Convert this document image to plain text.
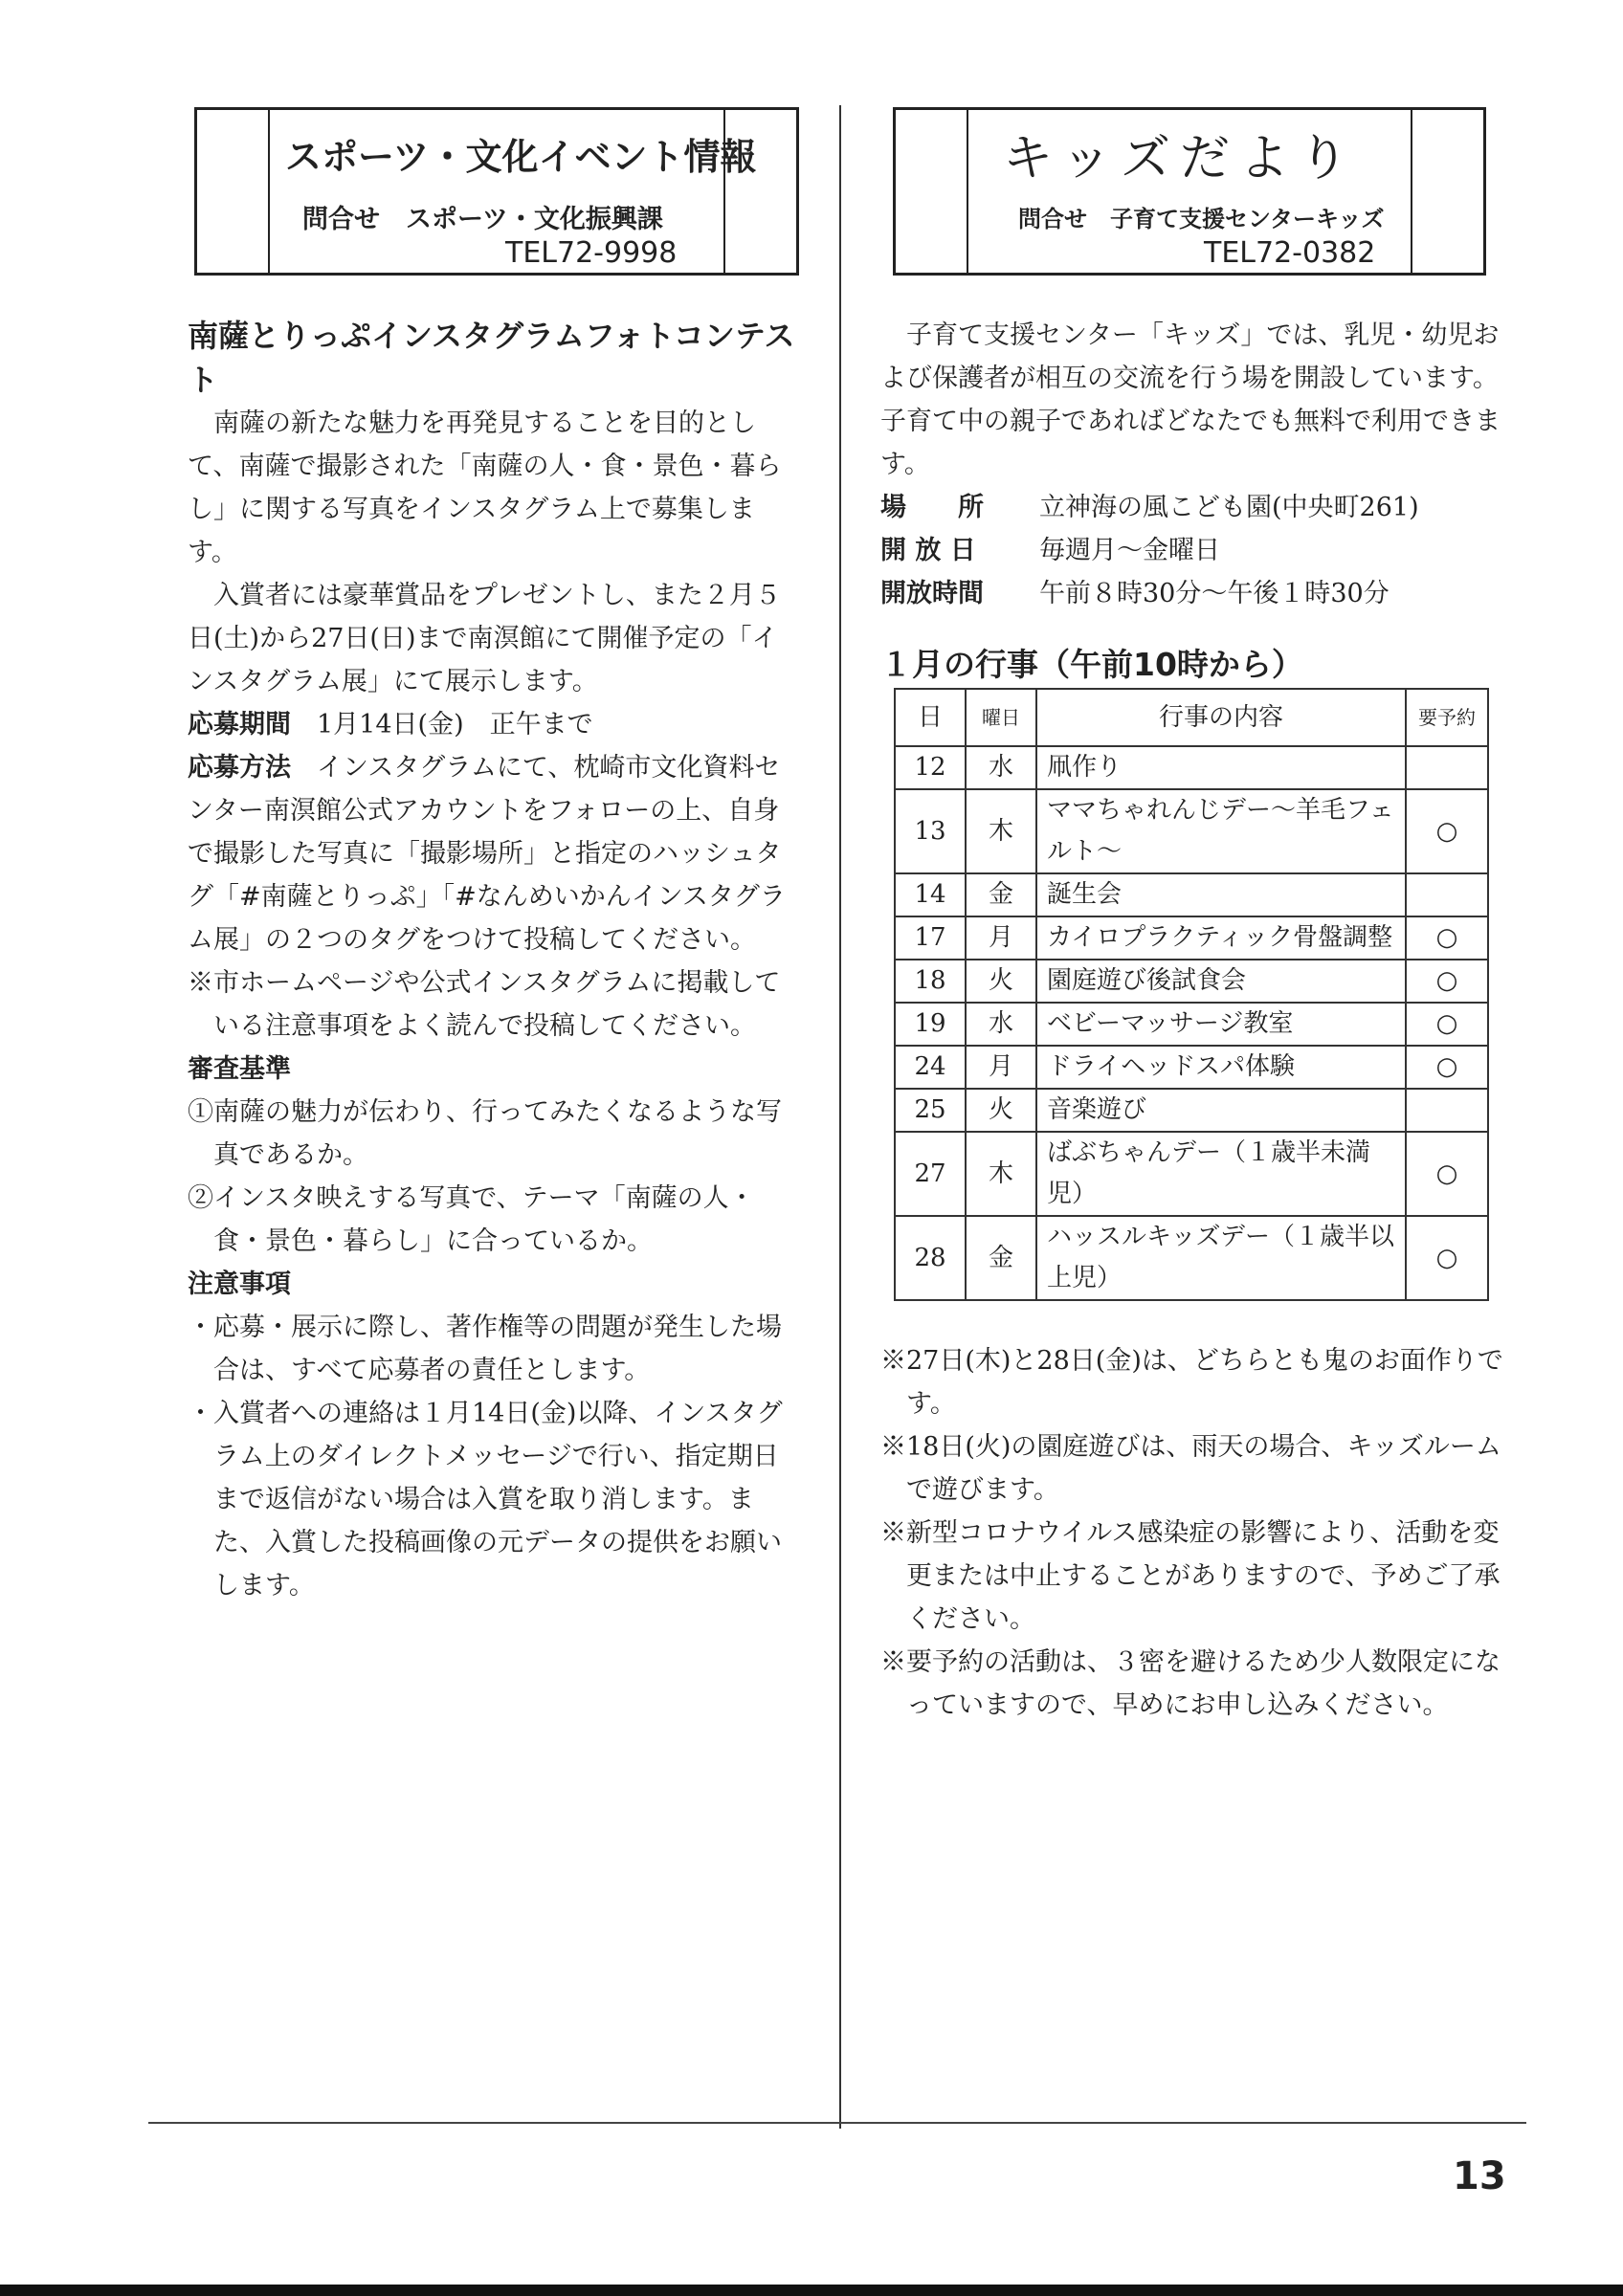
スポーツ・文化イベント情報
問合せ　スポーツ・文化振興課
TEL72-9998
キッズだより
問合せ　子育て支援センターキッズ
TEL72-0382

南薩とりっぷインスタグラムフォトコンテスト

南薩の新たな魅力を再発見することを目的として、南薩で撮影された「南薩の人・食・景色・暮らし」に関する写真をインスタグラム上で募集します。

入賞者には豪華賞品をプレゼントし、また２月５日(土)から27日(日)まで南溟館にて開催予定の「インスタグラム展」にて展示します。

応募期間　 1月14日(金)　正午まで

応募方法　 インスタグラムにて、枕崎市文化資料センター南溟館公式アカウントをフォローの上、自身で撮影した写真に「撮影場所」と指定のハッシュタグ「#南薩とりっぷ」「#なんめいかんインスタグラム展」の２つのタグをつけて投稿してください。

※市ホームページや公式インスタグラムに掲載している注意事項をよく読んで投稿してください。

審査基準

①南薩の魅力が伝わり、行ってみたくなるような写真であるか。

②インスタ映えする写真で、テーマ「南薩の人・食・景色・暮らし」に合っているか。

注意事項

・応募・展示に際し、著作権等の問題が発生した場合は、すべて応募者の責任とします。

・入賞者への連絡は１月14日(金)以降、インスタグラム上のダイレクトメッセージで行い、指定期日まで返信がない場合は入賞を取り消します。また、入賞した投稿画像の元データの提供をお願いします。

子育て支援センター「キッズ」では、乳児・幼児および保護者が相互の交流を行う場を開設しています。子育て中の親子であればどなたでも無料で利用できます。

場　　所	立神海の風こども園(中央町261)
開 放 日	毎週月～金曜日
開放時間	午前８時30分～午後１時30分
１月の行事（午前10時から）
日	曜日	行事の内容	要予約
12	水	凧作り	
13	木	ママちゃれんじデー～羊毛フェルト～	○
14	金	誕生会	
17	月	カイロプラクティック骨盤調整	○
18	火	園庭遊び後試食会	○
19	水	ベビーマッサージ教室	○
24	月	ドライヘッドスパ体験	○
25	火	音楽遊び	
27	木	ばぶちゃんデー（１歳半未満児）	○
28	金	ハッスルキッズデー（１歳半以上児）	○

※27日(木)と28日(金)は、どちらとも鬼のお面作りです。

※18日(火)の園庭遊びは、雨天の場合、キッズルームで遊びます。

※新型コロナウイルス感染症の影響により、活動を変更または中止することがありますので、予めご了承ください。

※要予約の活動は、３密を避けるため少人数限定になっていますので、早めにお申し込みください。

13
